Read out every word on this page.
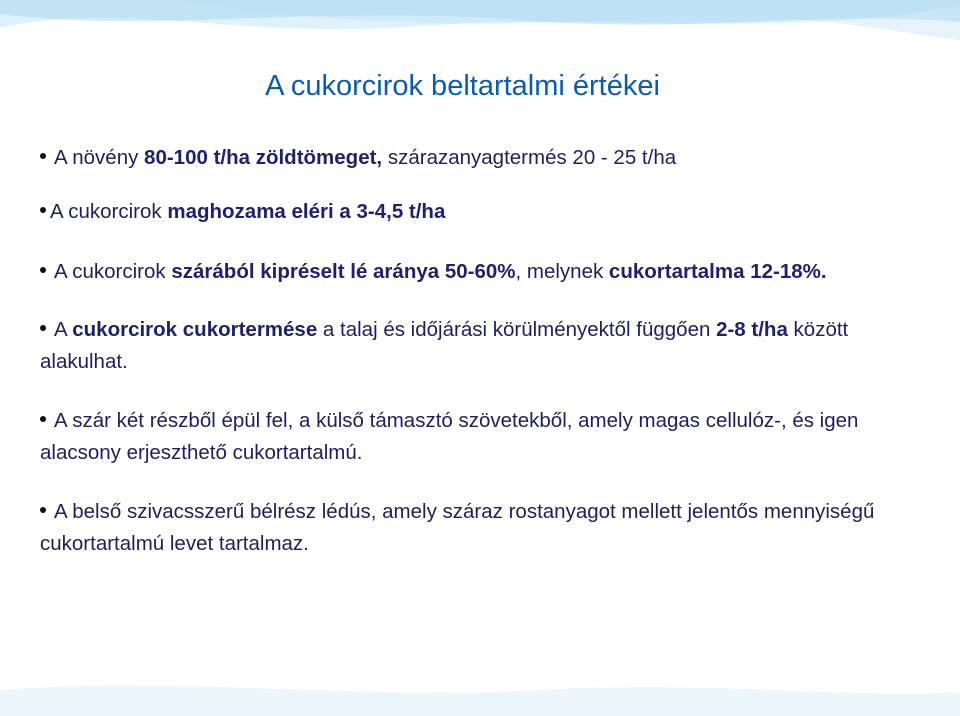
A cukorcirok beltartalmi értékei

A növény 80-100 t/ha zöldtömeget, szárazanyagtermés 20 - 25 t/ha

A cukorcirok maghozama eléri a 3-4,5 t/ha

A cukorcirok szárából kipréselt lé aránya 50-60%, melynek cukortartalma 12-18%.

A cukorcirok cukortermése a talaj és időjárási körülményektől függően 2-8 t/ha között alakulhat.

A szár két részből épül fel, a külső támasztó szövetekből, amely magas cellulóz-, és igen alacsony erjeszthető cukortartalmú.

A belső szivacsszerű bélrész lédús, amely száraz rostanyagot mellett jelentős mennyiségű cukortartalmú levet tartalmaz.
